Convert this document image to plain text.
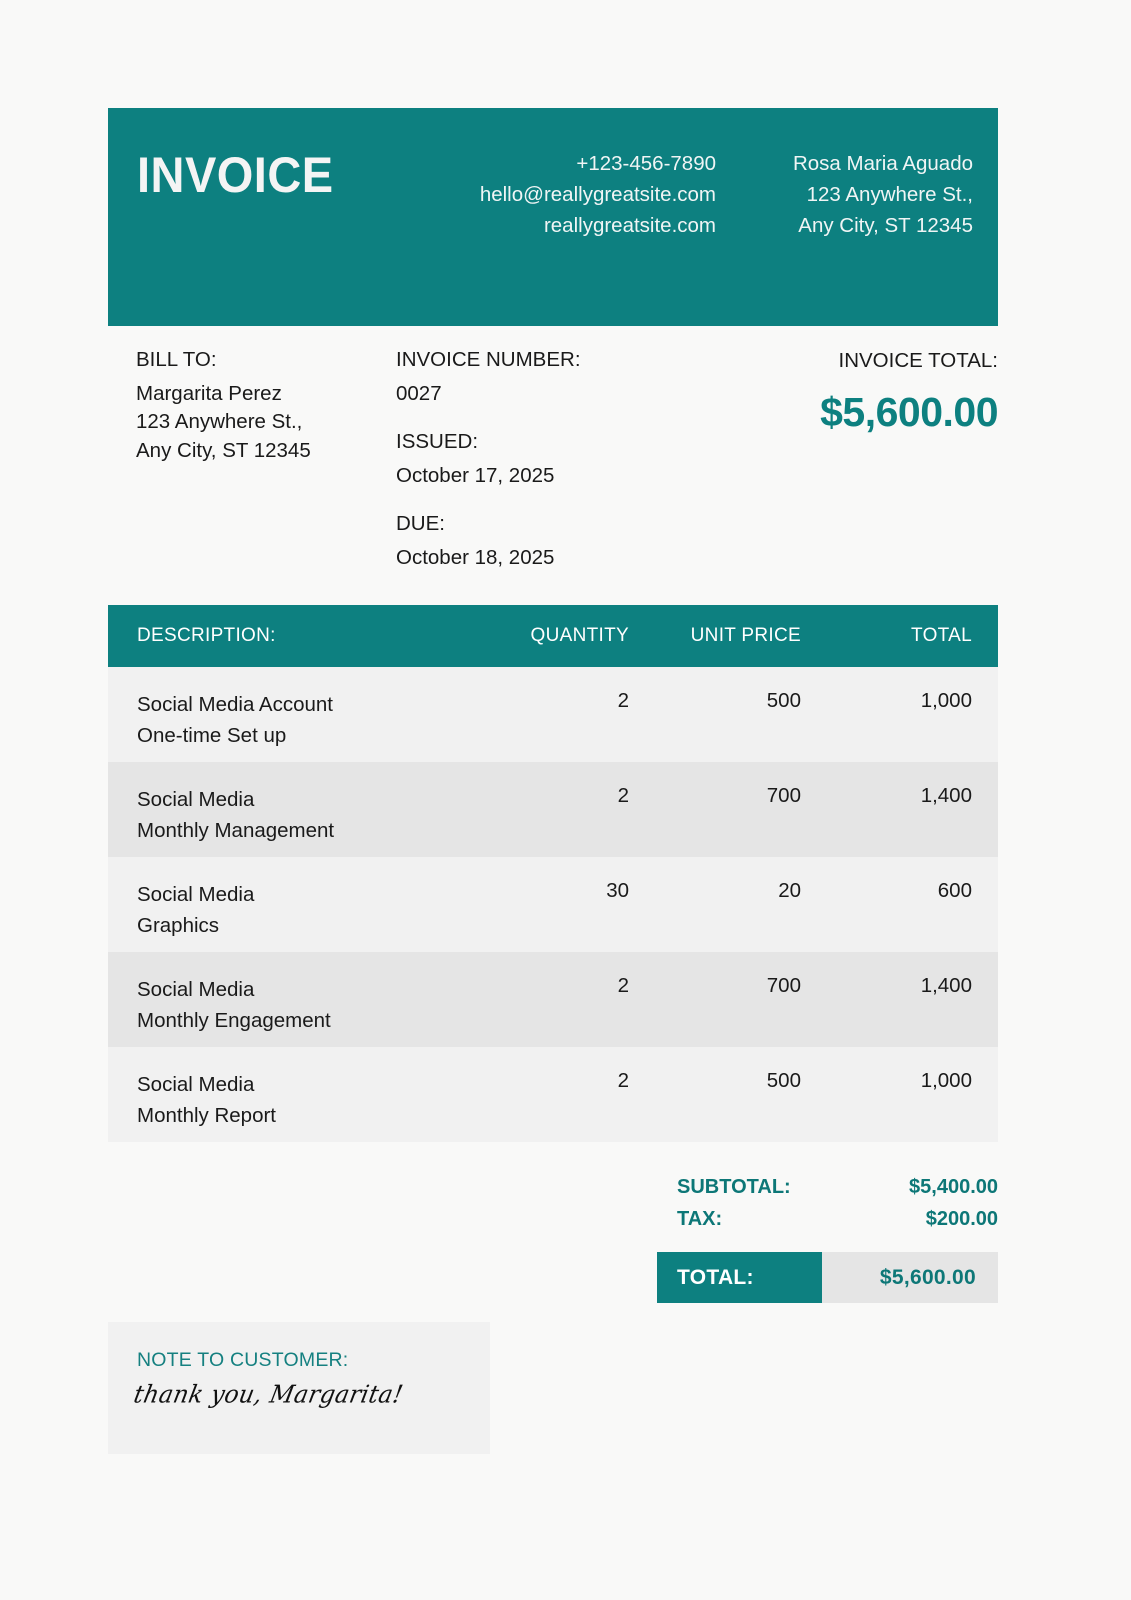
INVOICE	+123-456-7890
hello@reallygreatsite.com
reallygreatsite.com
Rosa Maria Aguado
123 Anywhere St.,
Any City, ST 12345
BILL TO:
Margarita Perez
123 Anywhere St.,
Any City, ST 12345
INVOICE NUMBER:
0027
ISSUED:
October 17, 2025
DUE:
October 18, 2025
INVOICE TOTAL:
$5,600.00
DESCRIPTION:	QUANTITY	UNIT PRICE	TOTAL
Social Media Account
One-time Set up
2	500	1,000
Social Media
Monthly Management
2	700	1,400
Social Media
Graphics
30	20	600
Social Media
Monthly Engagement
2	700	1,400
Social Media
Monthly Report
2	500	1,000
SUBTOTAL:	$5,400.00
TAX:	$200.00
TOTAL:	$5,600.00
NOTE TO CUSTOMER:
thank you, Margarita!
